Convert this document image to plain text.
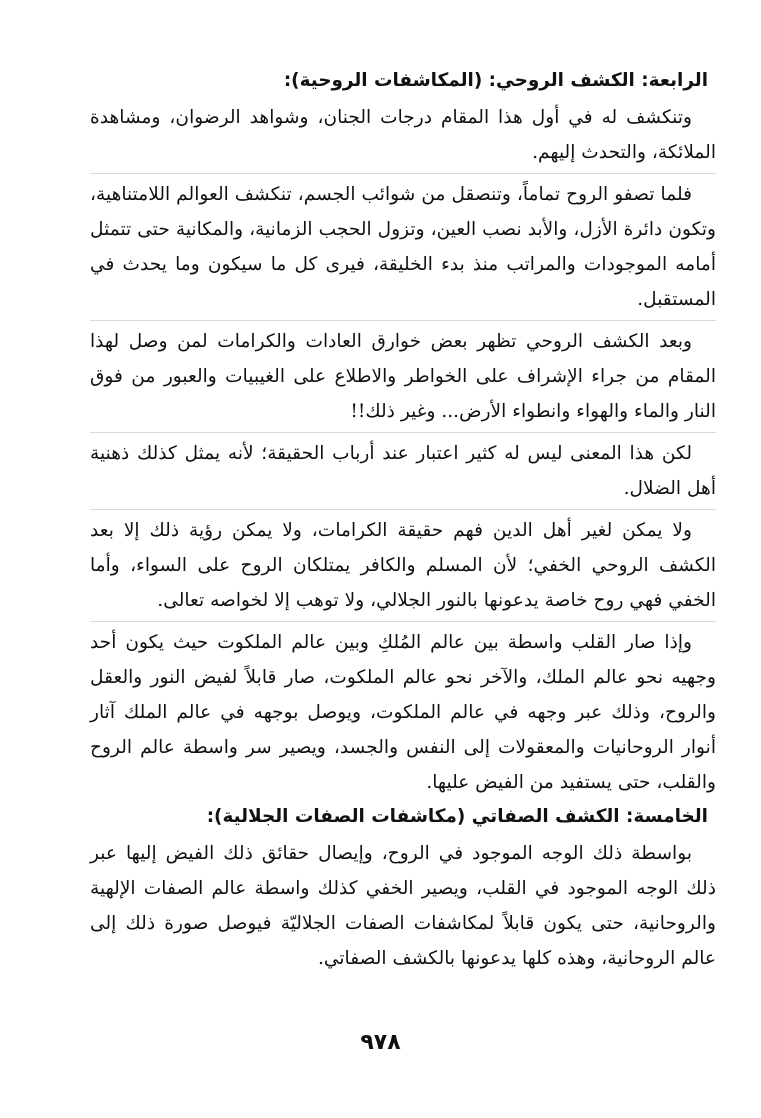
الرابعة: الكشف الروحي: (المكاشفات الروحية):

وتنكشف له في أول هذا المقام درجات الجنان، وشواهد الرضوان، ومشاهدة الملائكة، والتحدث إليهم.

فلما تصفو الروح تماماً، وتنصقل من شوائب الجسم، تنكشف العوالم اللامتناهية، وتكون دائرة الأزل، والأبد نصب العين، وتزول الحجب الزمانية، والمكانية حتى تتمثل أمامه الموجودات والمراتب منذ بدء الخليقة، فيرى كل ما سيكون وما يحدث في المستقبل.

وبعد الكشف الروحي تظهر بعض خوارق العادات والكرامات لمن وصل لهذا المقام من جراء الإشراف على الخواطر والاطلاع على الغيبيات والعبور من فوق النار والماء والهواء وانطواء الأرض... وغير ذلك!!

لكن هذا المعنى ليس له كثير اعتبار عند أرباب الحقيقة؛ لأنه يمثل كذلك ذهنية أهل الضلال.

ولا يمكن لغير أهل الدين فهم حقيقة الكرامات، ولا يمكن رؤية ذلك إلا بعد الكشف الروحي الخفي؛ لأن المسلم والكافر يمتلكان الروح على السواء، وأما الخفي فهي روح خاصة يدعونها بالنور الجلالي، ولا توهب إلا لخواصه تعالى.

وإذا صار القلب واسطة بين عالم المُلكِ وبين عالم الملكوت حيث يكون أحد وجهيه نحو عالم الملك، والآخر نحو عالم الملكوت، صار قابلاً لفيض النور والعقل والروح، وذلك عبر وجهه في عالم الملكوت، ويوصل بوجهه في عالم الملك آثار أنوار الروحانيات والمعقولات إلى النفس والجسد، ويصير سر واسطة عالم الروح والقلب، حتى يستفيد من الفيض عليها.

الخامسة: الكشف الصفاتي (مكاشفات الصفات الجلالية):

بواسطة ذلك الوجه الموجود في الروح، وإيصال حقائق ذلك الفيض إليها عبر ذلك الوجه الموجود في القلب، ويصير الخفي كذلك واسطة عالم الصفات الإلهية والروحانية، حتى يكون قابلاً لمكاشفات الصفات الجلاليّة فيوصل صورة ذلك إلى عالم الروحانية، وهذه كلها يدعونها بالكشف الصفاتي.

٩٧٨
